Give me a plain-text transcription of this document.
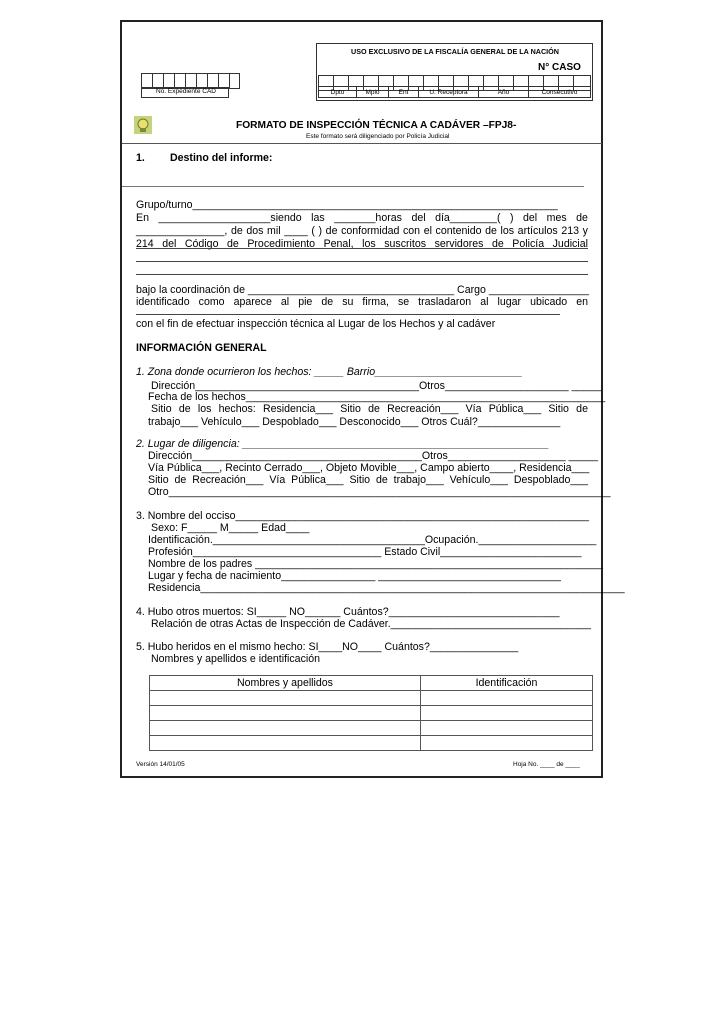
USO EXCLUSIVO DE LA FISCALÍA GENERAL DE LA NACIÓN
N° CASO
Dpto	Mpio	Ent	U. Receptora	Año	Consecutivo
No. Expediente CAD
FORMATO DE INSPECCIÓN TÉCNICA A CADÁVER –FPJ8-
Este formato será diligenciado por Policía Judicial
1. Destino del informe:
Grupo/turno______________________________________________________________
En ___________________siendo las _______horas del día________( ) del mes de
_______________, de dos mil ____ ( ) de conformidad con el contenido de los artículos 213 y
214 del Código de Procedimiento Penal, los suscritos servidores de Policía Judicial
bajo la coordinación de ___________________________________ Cargo _________________
identificado como aparece al pie de su firma, se trasladaron al lugar ubicado en
con el fin de efectuar inspección técnica al Lugar de los Hechos y al cadáver
INFORMACIÓN GENERAL
1. Zona donde ocurrieron los hechos: _____ Barrio_________________________
Dirección______________________________________Otros_____________________ _____
Fecha de los hechos_____________________________________________________________
Sitio de los hechos: Residencia___ Sitio de Recreación___ Vía Pública___ Sitio de
trabajo___ Vehículo___ Despoblado___ Desconocido___ Otros Cuál?______________
2. Lugar de diligencia: ____________________________________________________
Dirección_______________________________________Otros____________________ _____
Vía Pública___, Recinto Cerrado___, Objeto Movible___, Campo abierto____, Residencia___
Sitio de Recreación___ Vía Pública___ Sitio de trabajo___ Vehículo___ Despoblado___
Otro___________________________________________________________________________
3. Nombre del occiso____________________________________________________________
Sexo: F_____ M_____ Edad____
Identificación.____________________________________Ocupación.____________________
Profesión________________________________ Estado Civil________________________
Nombre de los padres ___________________________________________________________
Lugar y fecha de nacimiento________________ _______________________________
Residencia________________________________________________________________________
4. Hubo otros muertos: SI_____ NO______ Cuántos?_____________________________
Relación de otras Actas de Inspección de Cadáver.__________________________________
5. Hubo heridos en el mismo hecho: SI____NO____ Cuántos?_______________
Nombres y apellidos e identificación
Nombres y apellidos	Identificación

Versión 14/01/05	Hoja No. ____ de ____
